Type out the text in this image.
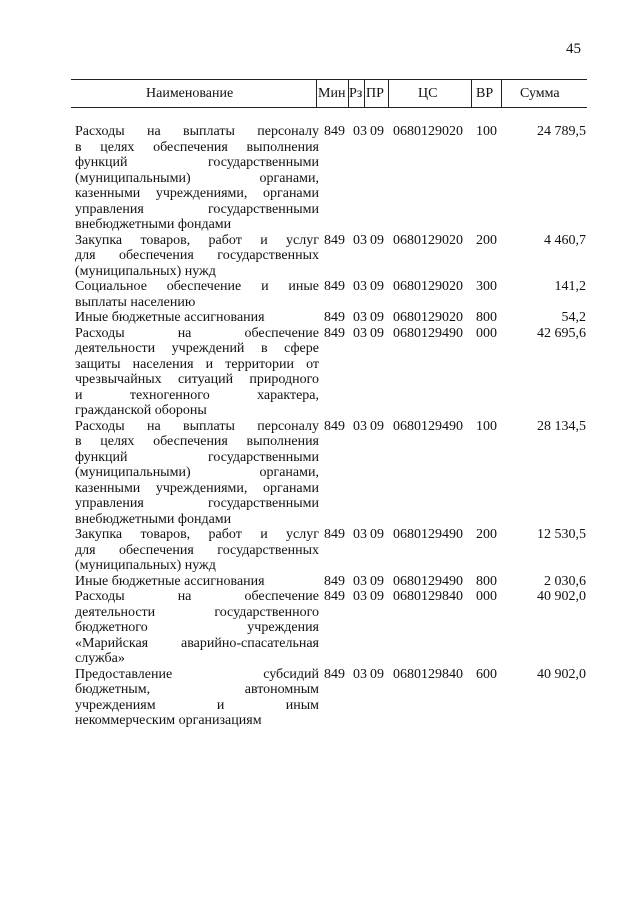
45
Наименование	Мин Рз ПР ЦС	ВР Сумма
Расходы на выплаты персоналу
в целях обеспечения выполнения
функций государственными
(муниципальными) органами,
казенными учреждениями, органами
управления государственными
внебюджетными фондами
849 03 09 0680129020 100	24 789,5
Закупка товаров, работ и услуг
для обеспечения государственных
(муниципальных) нужд
849 03 09 0680129020 200	4 460,7
Социальное обеспечение и иные
выплаты населению
849 03 09 0680129020 300	141,2
Иные бюджетные ассигнования	849 03 09 0680129020 800	54,2
Расходы на обеспечение
деятельности учреждений в сфере
защиты населения и территории от
чрезвычайных ситуаций природного
и техногенного характера,
гражданской обороны
849 03 09 0680129490 000	42 695,6
Расходы на выплаты персоналу
в целях обеспечения выполнения
функций государственными
(муниципальными) органами,
казенными учреждениями, органами
управления государственными
внебюджетными фондами
849 03 09 0680129490 100	28 134,5
Закупка товаров, работ и услуг
для обеспечения государственных
(муниципальных) нужд
849 03 09 0680129490 200	12 530,5
Иные бюджетные ассигнования	849 03 09 0680129490 800	2 030,6
Расходы на обеспечение
деятельности государственного
бюджетного учреждения
«Марийская аварийно-спасательная
служба»
849 03 09 0680129840 000	40 902,0
Предоставление субсидий
бюджетным, автономным
учреждениям и иным
некоммерческим организациям
849 03 09 0680129840 600	40 902,0
